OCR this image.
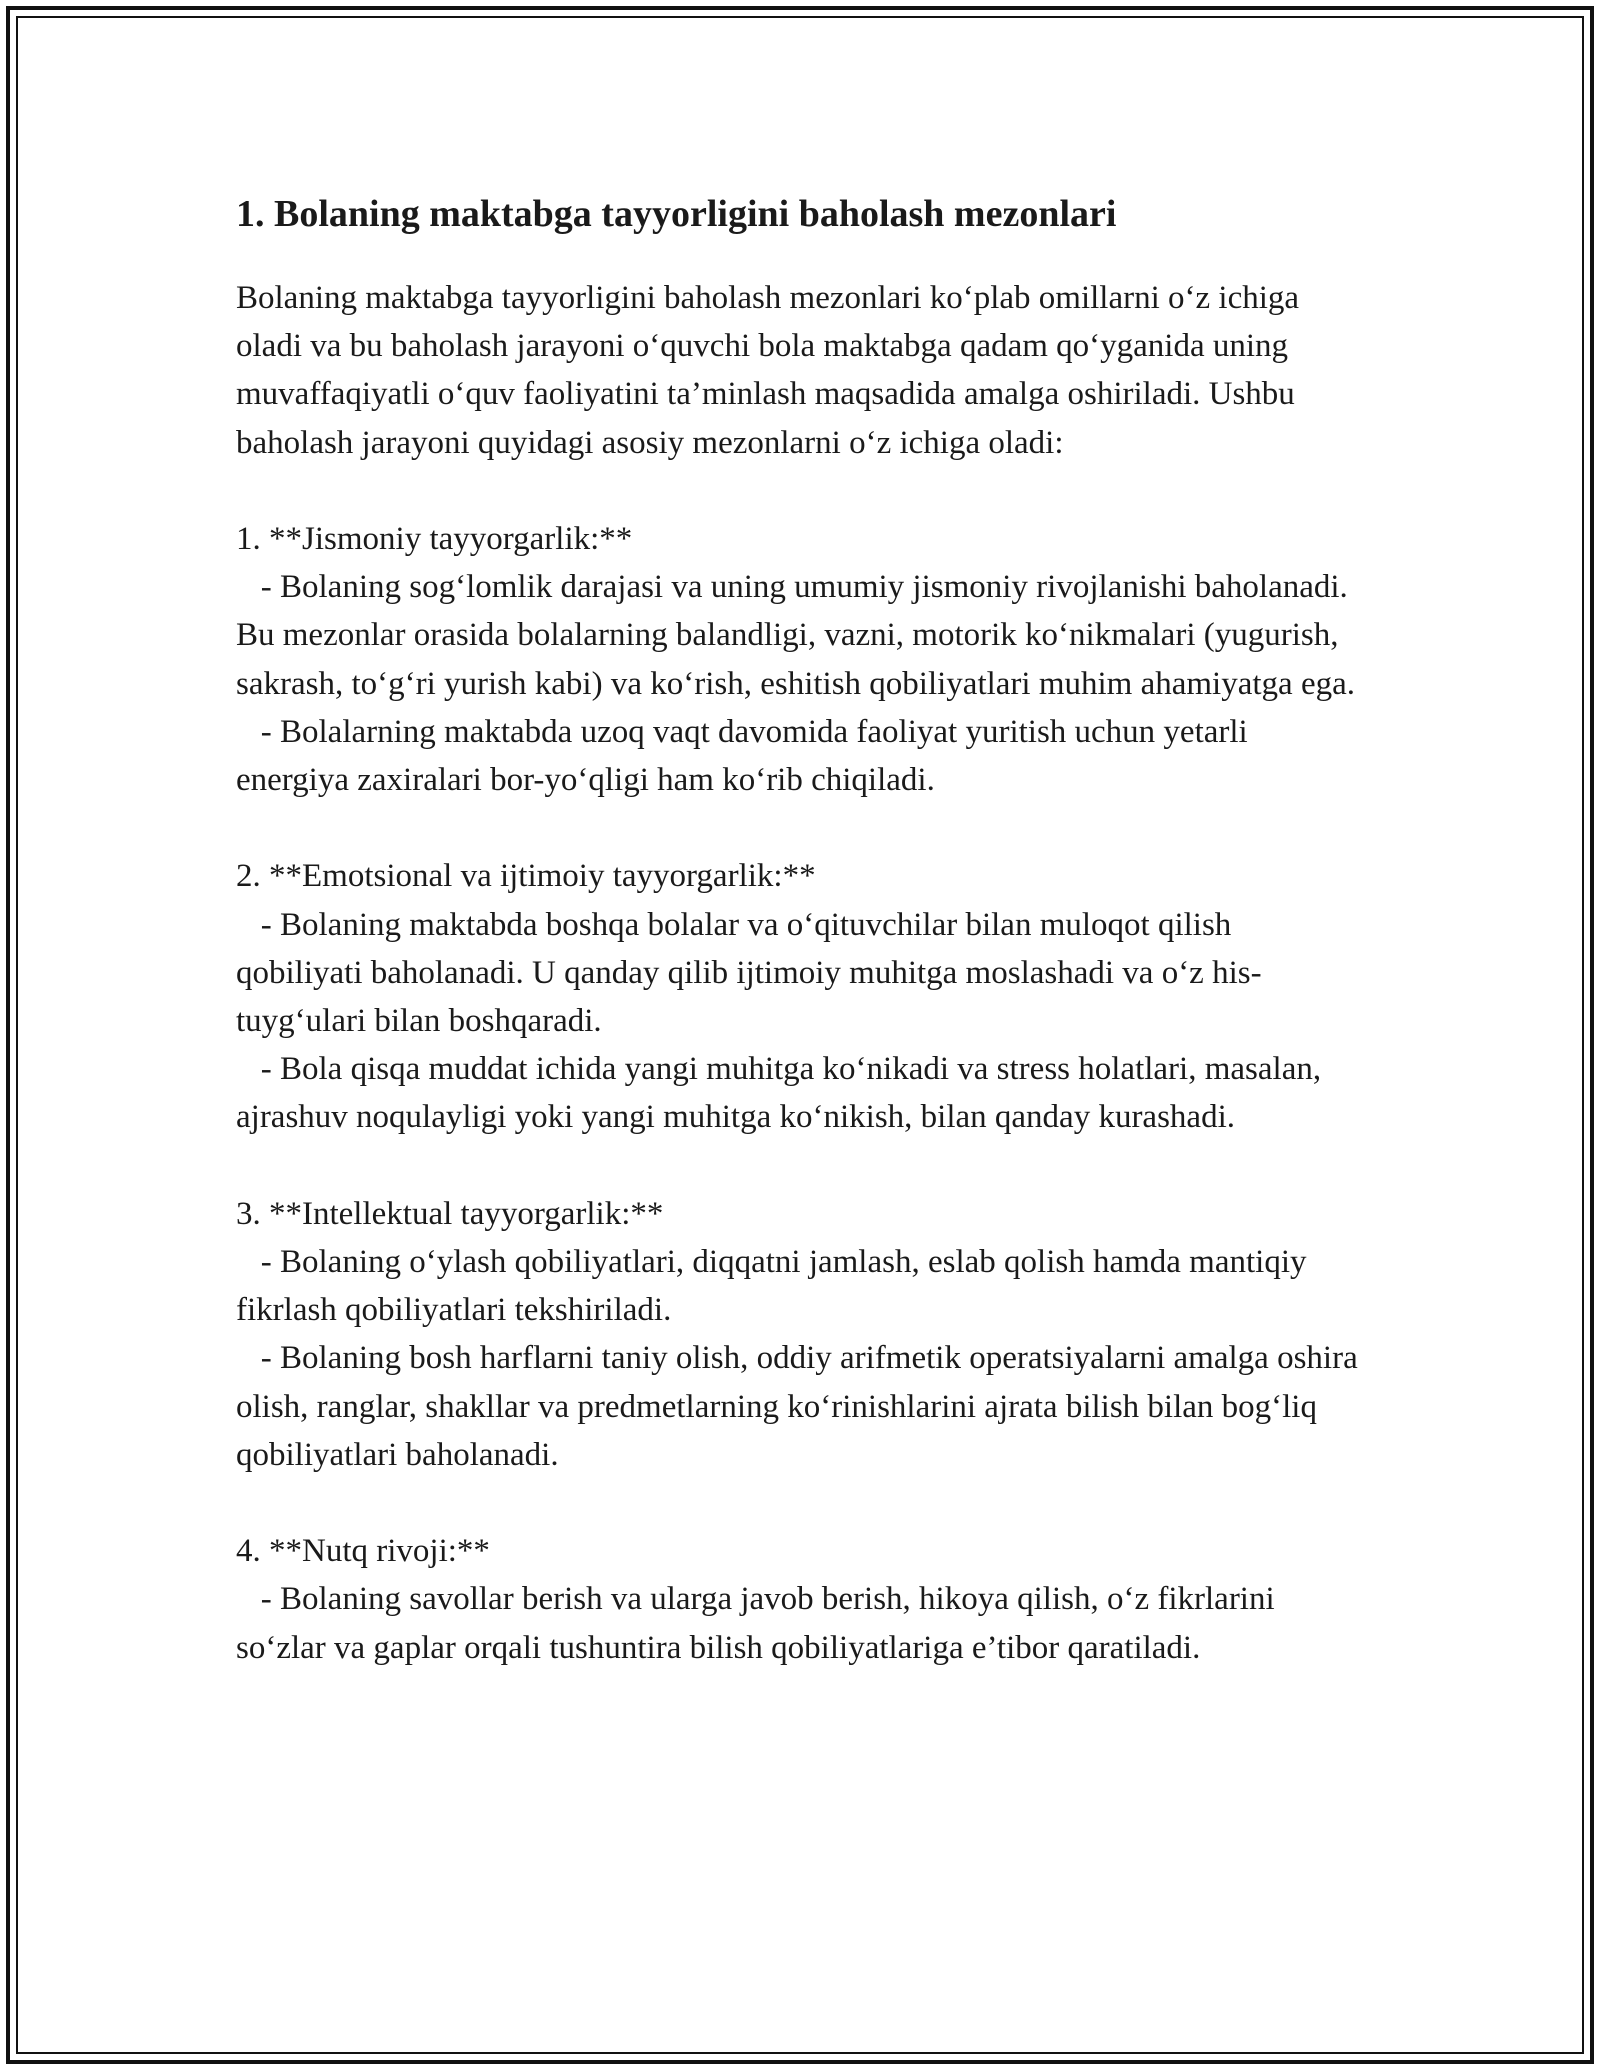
1. Bolaning maktabga tayyorligini baholash mezonlari

Bolaning maktabga tayyorligini baholash mezonlari ko‘plab omillarni o‘z ichiga oladi va bu baholash jarayoni o‘quvchi bola maktabga qadam qo‘yganida uning muvaffaqiyatli o‘quv faoliyatini ta’minlash maqsadida amalga oshiriladi. Ushbu baholash jarayoni quyidagi asosiy mezonlarni o‘z ichiga oladi:

1. **Jismoniy tayyorgarlik:**

- Bolaning sog‘lomlik darajasi va uning umumiy jismoniy rivojlanishi baholanadi. Bu mezonlar orasida bolalarning balandligi, vazni, motorik ko‘nikmalari (yugurish, sakrash, to‘g‘ri yurish kabi) va ko‘rish, eshitish qobiliyatlari muhim ahamiyatga ega.

- Bolalarning maktabda uzoq vaqt davomida faoliyat yuritish uchun yetarli energiya zaxiralari bor-yo‘qligi ham ko‘rib chiqiladi.

2. **Emotsional va ijtimoiy tayyorgarlik:**

- Bolaning maktabda boshqa bolalar va o‘qituvchilar bilan muloqot qilish qobiliyati baholanadi. U qanday qilib ijtimoiy muhitga moslashadi va o‘z his-tuyg‘ulari bilan boshqaradi.

- Bola qisqa muddat ichida yangi muhitga ko‘nikadi va stress holatlari, masalan, ajrashuv noqulayligi yoki yangi muhitga ko‘nikish, bilan qanday kurashadi.

3. **Intellektual tayyorgarlik:**

- Bolaning o‘ylash qobiliyatlari, diqqatni jamlash, eslab qolish hamda mantiqiy fikrlash qobiliyatlari tekshiriladi.

- Bolaning bosh harflarni taniy olish, oddiy arifmetik operatsiyalarni amalga oshira olish, ranglar, shakllar va predmetlarning ko‘rinishlarini ajrata bilish bilan bog‘liq qobiliyatlari baholanadi.

4. **Nutq rivoji:**

- Bolaning savollar berish va ularga javob berish, hikoya qilish, o‘z fikrlarini so‘zlar va gaplar orqali tushuntira bilish qobiliyatlariga e’tibor qaratiladi.
